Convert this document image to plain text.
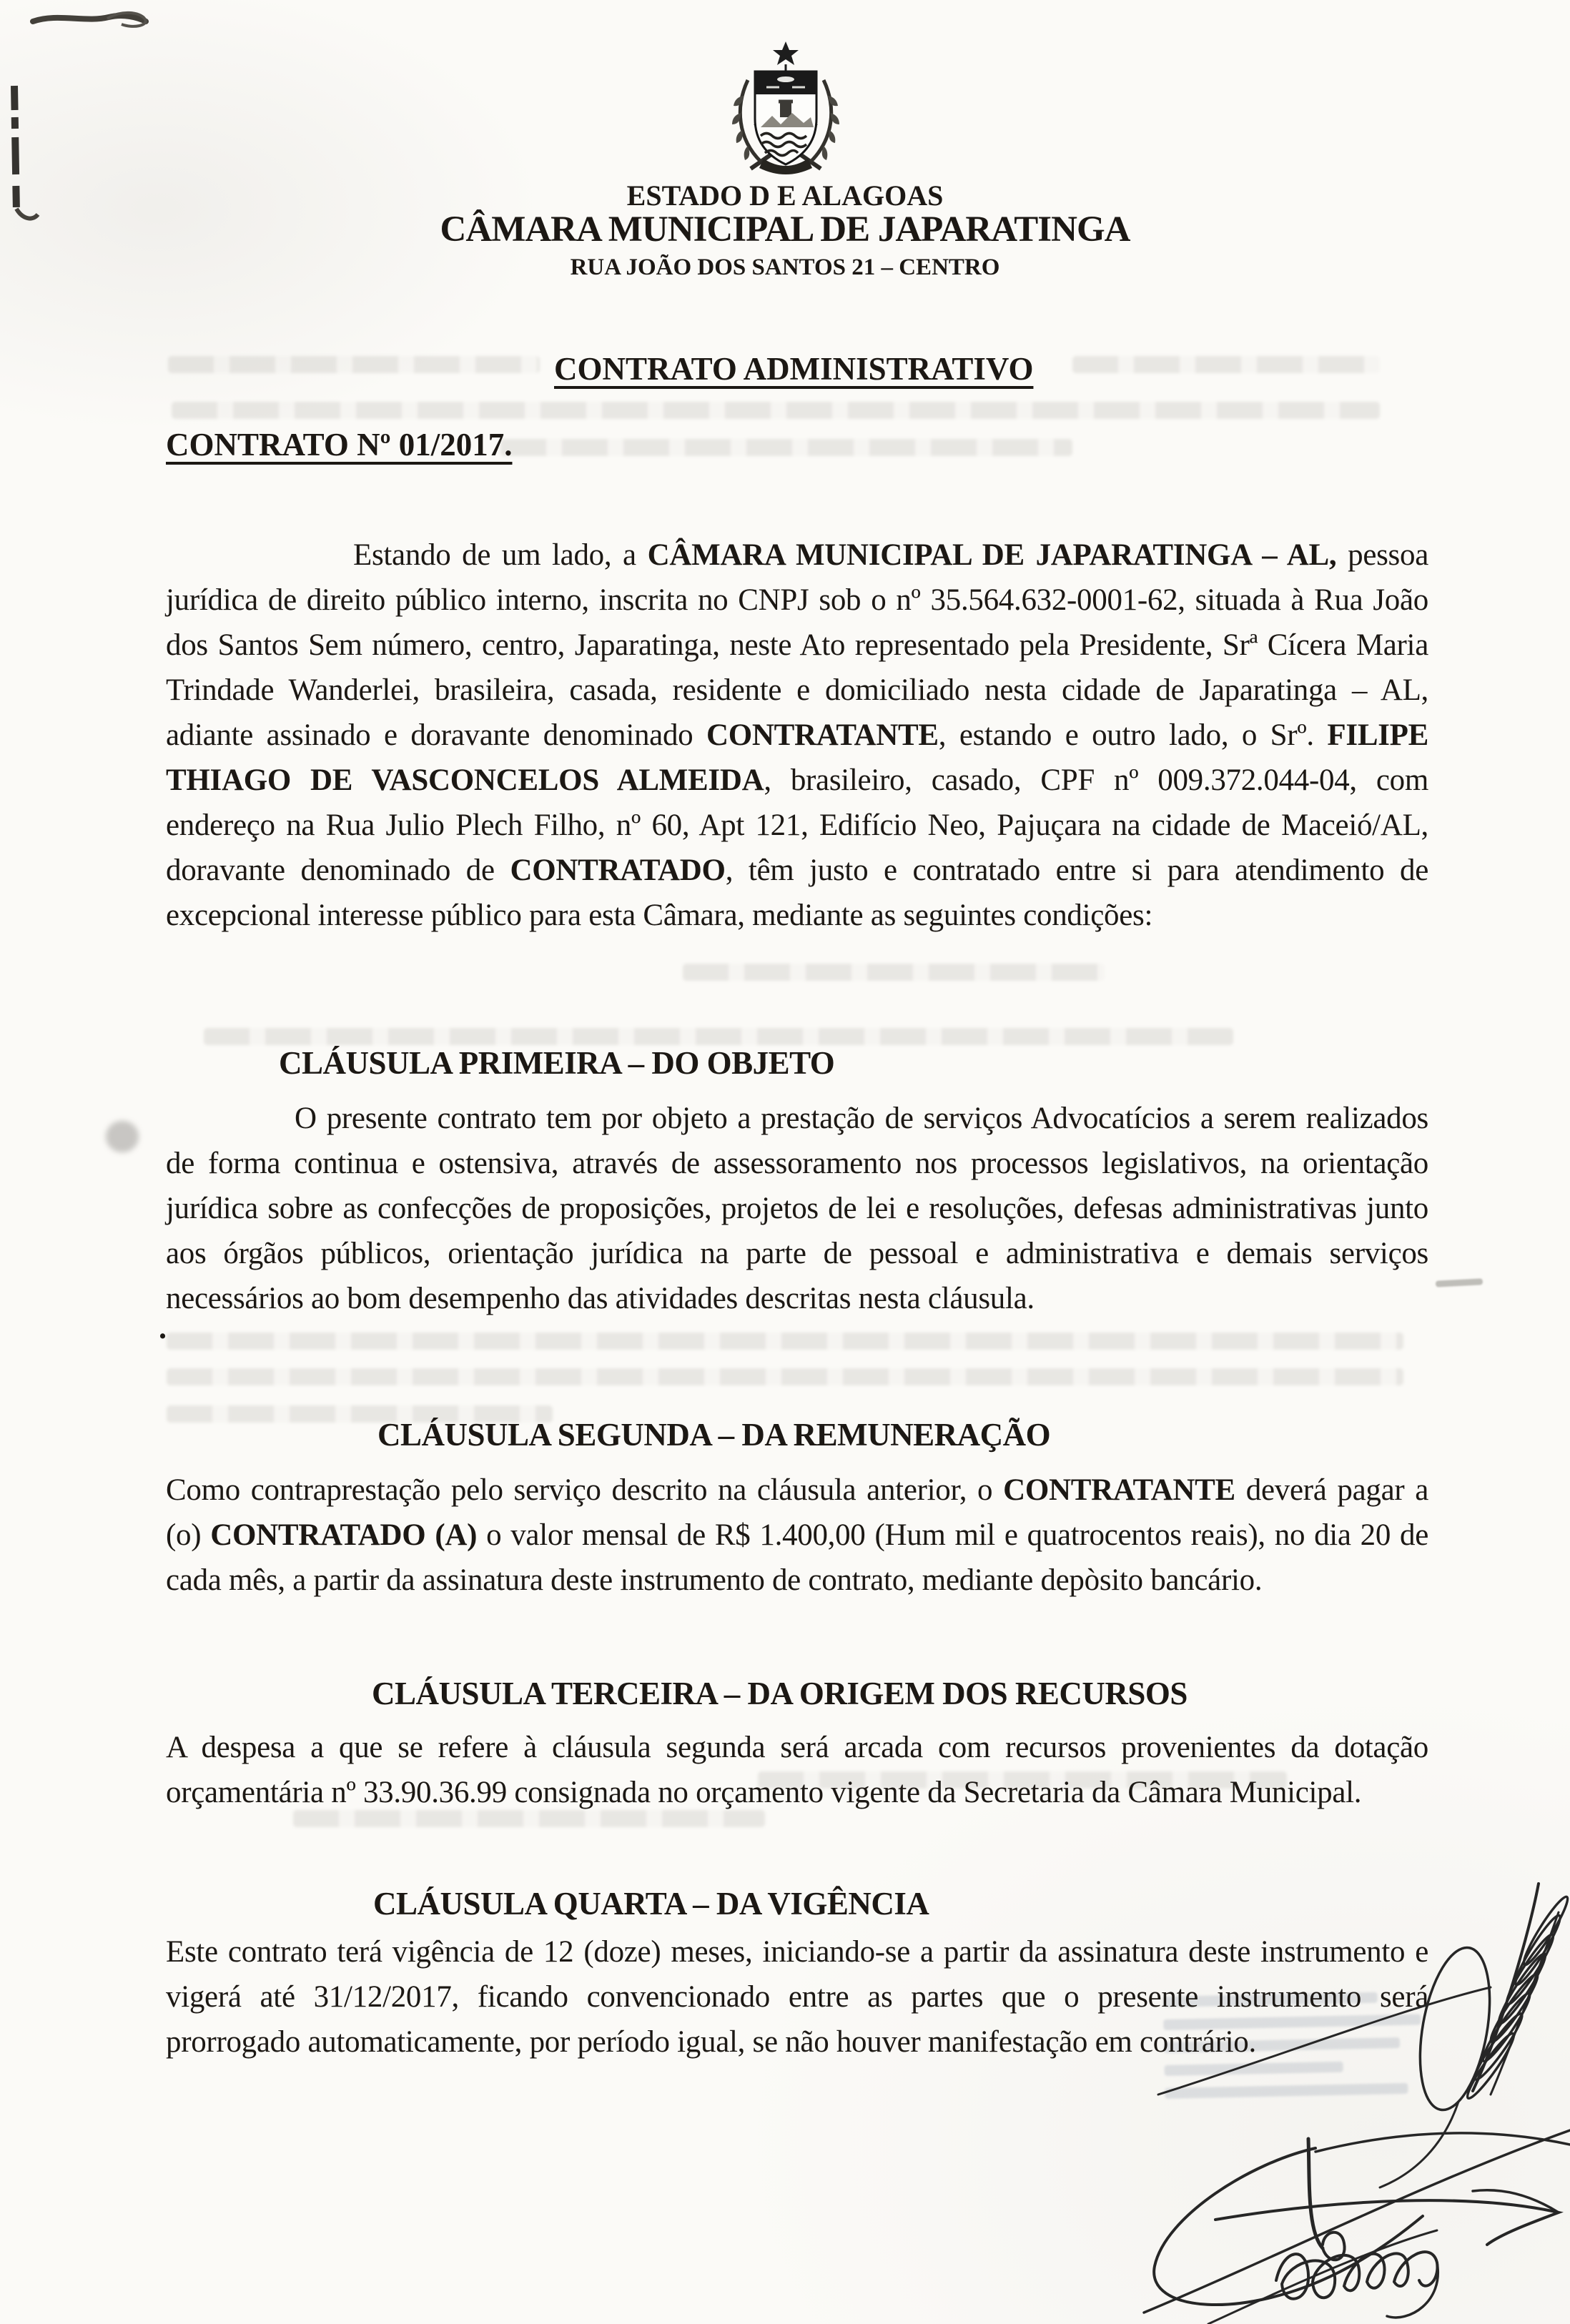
ESTADO D E ALAGOAS
CÂMARA MUNICIPAL DE JAPARATINGA
RUA JOÃO DOS SANTOS 21 – CENTRO
CONTRATO ADMINISTRATIVO
CONTRATO Nº 01/2017.

Estando de um lado, a CÂMARA MUNICIPAL DE JAPARATINGA – AL, pessoa jurídica de direito público interno, inscrita no CNPJ sob o nº 35.564.632-0001-62, situada à Rua João dos Santos Sem número, centro, Japaratinga, neste Ato representado pela Presidente, Srª Cícera Maria Trindade Wanderlei, brasileira, casada, residente e domiciliado nesta cidade de Japaratinga – AL, adiante assinado e doravante denominado CONTRATANTE, estando e outro lado, o Srº. FILIPE THIAGO DE VASCONCELOS ALMEIDA, brasileiro, casado, CPF nº 009.372.044-04, com endereço na Rua Julio Plech Filho, nº 60, Apt 121, Edifício Neo, Pajuçara na cidade de Maceió/AL, doravante denominado de CONTRATADO, têm justo e contratado entre si para atendimento de excepcional interesse público para esta Câmara, mediante as seguintes condições:

CLÁUSULA PRIMEIRA – DO OBJETO

O presente contrato tem por objeto a prestação de serviços Advocatícios a serem realizados de forma continua e ostensiva, através de assessoramento nos processos legislativos, na orientação jurídica sobre as confecções de proposições, projetos de lei e resoluções, defesas administrativas junto aos órgãos públicos, orientação jurídica na parte de pessoal e administrativa e demais serviços necessários ao bom desempenho das atividades descritas nesta cláusula.

.
CLÁUSULA SEGUNDA – DA REMUNERAÇÃO

Como contraprestação pelo serviço descrito na cláusula anterior, o CONTRATANTE deverá pagar a (o) CONTRATADO (A) o valor mensal de R$ 1.400,00 (Hum mil e quatrocentos reais), no dia 20 de cada mês, a partir da assinatura deste instrumento de contrato, mediante depòsito bancário.

CLÁUSULA TERCEIRA – DA ORIGEM DOS RECURSOS

A despesa a que se refere à cláusula segunda será arcada com recursos provenientes da dotação orçamentária nº 33.90.36.99 consignada no orçamento vigente da Secretaria da Câmara Municipal.

CLÁUSULA QUARTA – DA VIGÊNCIA

Este contrato terá vigência de 12 (doze) meses, iniciando-se a partir da assinatura deste instrumento e vigerá até 31/12/2017, ficando convencionado entre as partes que o presente instrumento será prorrogado automaticamente, por período igual, se não houver manifestação em contrário.
